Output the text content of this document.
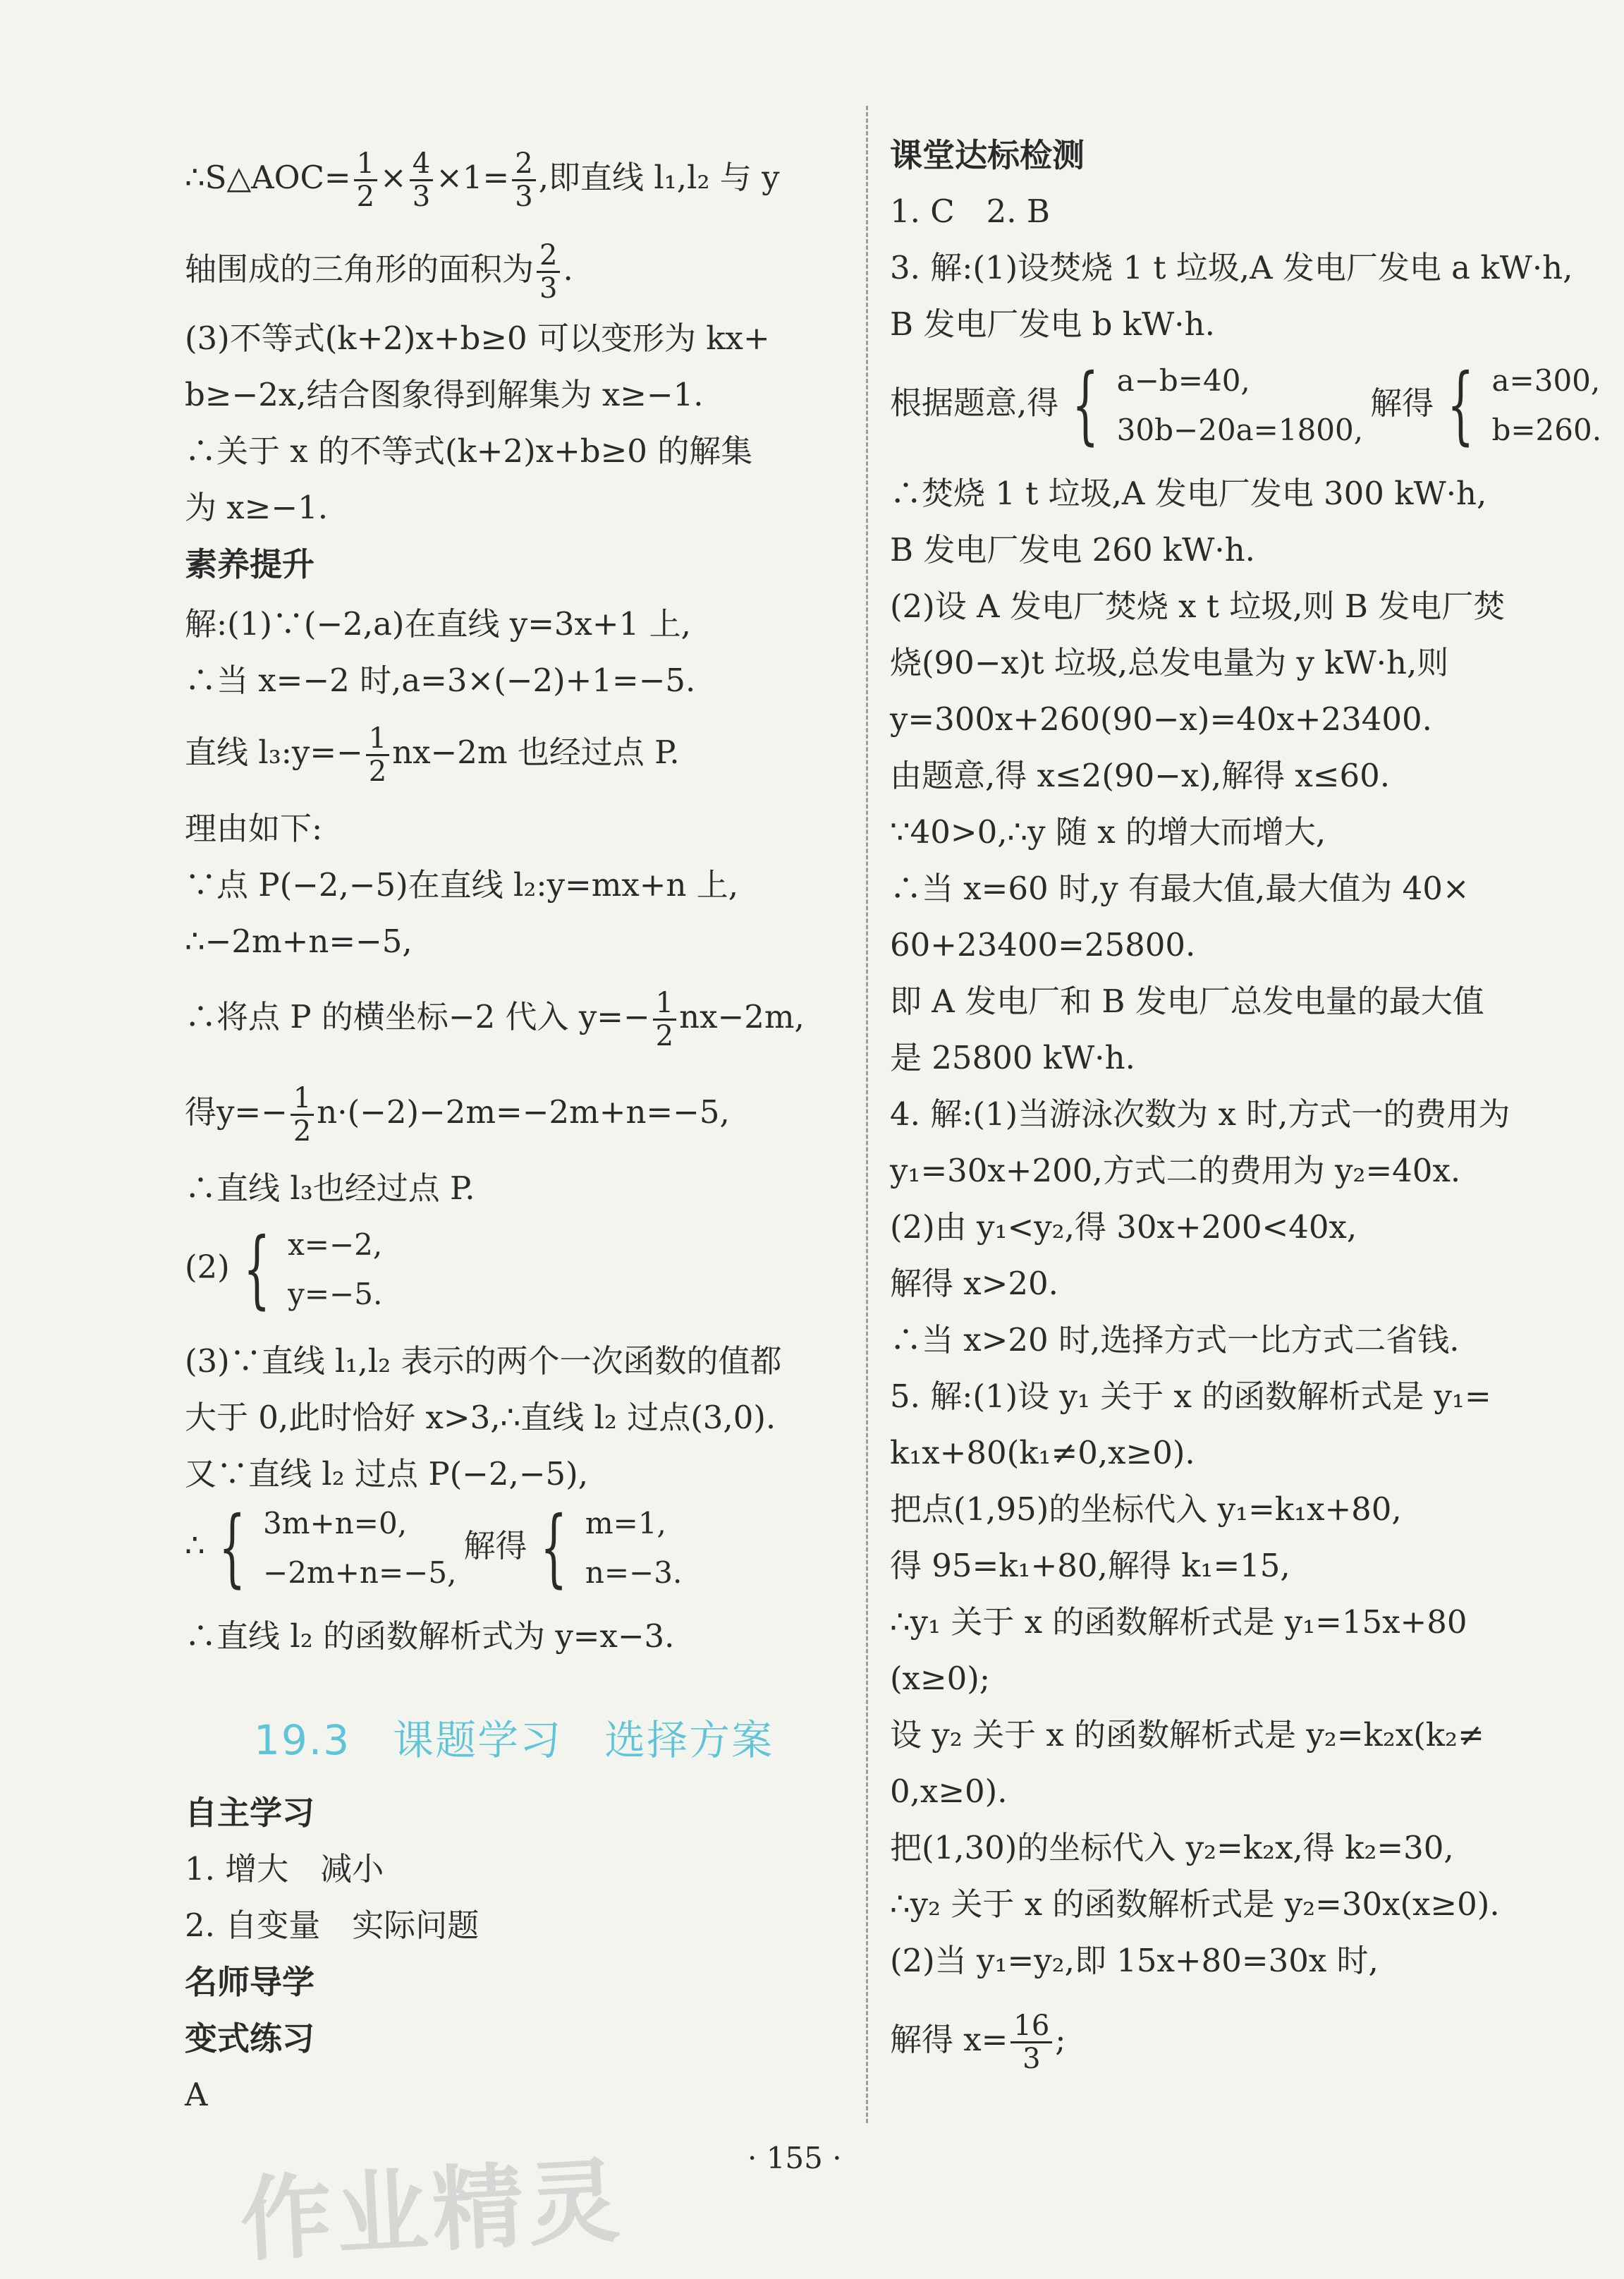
∴S△AOC= $\frac{1}{2} \times \frac{4}{3} \times 1= \frac{2}{3}$ ,即直线 l₁,l₂ 与 y
轴围成的三角形的面积为 $\frac{2}{3}$ .
(3)不等式(k+2)x+b≥0 可以变形为 kx+
b≥−2x,结合图象得到解集为 x≥−1.
∴关于 x 的不等式(k+2)x+b≥0 的解集
为 x≥−1.
素养提升
解:(1)∵(−2,a)在直线 y=3x+1 上,
∴当 x=−2 时,a=3×(−2)+1=−5.
直线 l₃:y=− $\frac{1}{2} nx-2m$ 也经过点 P.
理由如下:
∵点 P(−2,−5)在直线 l₂:y=mx+n 上,
∴−2m+n=−5,
∴将点 P 的横坐标−2 代入 $y=- \frac{1}{2} nx-2m$,
得$y=- \frac{1}{2} n\cdot(-2)-2m=-2m+n=-5$,
∴直线 l₃也经过点 P.
(2) { x=−2,
y=−5.
(3)∵直线 l₁,l₂ 表示的两个一次函数的值都
大于 0,此时恰好 x>3,∴直线 l₂ 过点(3,0).
又∵直线 l₂ 过点 P(−2,−5),
∴ { 3m+n=0,
−2m+n=−5,
解得 { m=1,
n=−3.
∴直线 l₂ 的函数解析式为 y=x−3.
自主学习
1. 增大　减小
2. 自变量　实际问题
名师导学
变式练习
A
19.3　课题学习　选择方案
课堂达标检测
1. C　2. B
3. 解:(1)设焚烧 1 t 垃圾,A 发电厂发电 a kW·h,
B 发电厂发电 b kW·h.
根据题意,得 { a−b=40,
30b−20a=1800,
解得 { a=300,
b=260.
∴焚烧 1 t 垃圾,A 发电厂发电 300 kW·h,
B 发电厂发电 260 kW·h.
(2)设 A 发电厂焚烧 x t 垃圾,则 B 发电厂焚
烧(90−x)t 垃圾,总发电量为 y kW·h,则
y=300x+260(90−x)=40x+23400.
由题意,得 x≤2(90−x),解得 x≤60.
∵40>0,∴y 随 x 的增大而增大,
∴当 x=60 时,y 有最大值,最大值为 40×
60+23400=25800.
即 A 发电厂和 B 发电厂总发电量的最大值
是 25800 kW·h.
4. 解:(1)当游泳次数为 x 时,方式一的费用为
y₁=30x+200,方式二的费用为 y₂=40x.
(2)由 y₁<y₂,得 30x+200<40x,
解得 x>20.
∴当 x>20 时,选择方式一比方式二省钱.
5. 解:(1)设 y₁ 关于 x 的函数解析式是 y₁=
k₁x+80(k₁≠0,x≥0).
把点(1,95)的坐标代入 y₁=k₁x+80,
得 95=k₁+80,解得 k₁=15,
∴y₁ 关于 x 的函数解析式是 y₁=15x+80
(x≥0);
设 y₂ 关于 x 的函数解析式是 y₂=k₂x(k₂≠
0,x≥0).
把(1,30)的坐标代入 y₂=k₂x,得 k₂=30,
∴y₂ 关于 x 的函数解析式是 y₂=30x(x≥0).
(2)当 y₁=y₂,即 15x+80=30x 时,
解得 $x= \frac{16}{3}$ ;
· 155 ·
作业精灵
